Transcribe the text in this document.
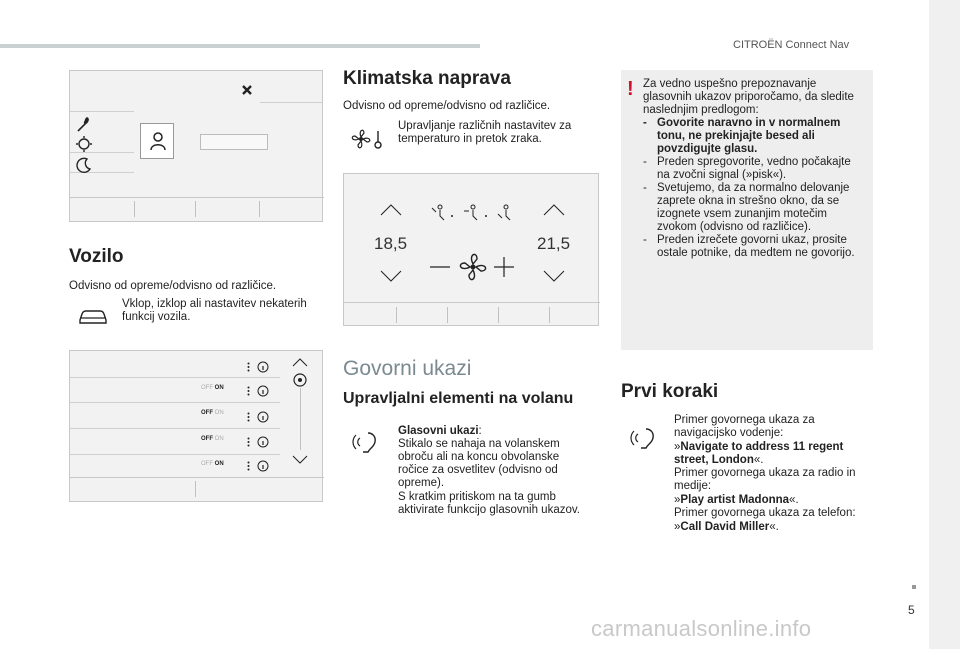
CITROËN Connect Nav
5
Vozilo
Odvisno od opreme/odvisno od različice.
Vklop, izklop ali nastavitev nekaterih
funkcij vozila.
OFF ON
OFF ON
OFF ON
OFF ON
Klimatska naprava
Odvisno od opreme/odvisno od različice.
Upravljanje različnih nastavitev za
temperaturo in pretok zraka.
18,5	21,5
Govorni ukazi
Upravljalni elementi na volanu
Glasovni ukazi:
Stikalo se nahaja na volanskem
obroču ali na koncu obvolanske
ročice za osvetlitev (odvisno od
opreme).
S kratkim pritiskom na ta gumb
aktivirate funkcijo glasovnih ukazov.
! Za vedno uspešno prepoznavanje
glasovnih ukazov priporočamo, da sledite
naslednjim predlogom:
- Govorite naravno in v normalnem
tonu, ne prekinjajte besed ali
povzdigujte glasu.
- Preden spregovorite, vedno počakajte
na zvočni signal (»pisk«).
- Svetujemo, da za normalno delovanje
zaprete okna in strešno okno, da se
izognete vsem zunanjim motečim
zvokom (odvisno od različice).
- Preden izrečete govorni ukaz, prosite
ostale potnike, da medtem ne govorijo.
Prvi koraki
Primer govornega ukaza za
navigacijsko vodenje:
»Navigate to address 11 regent
street, London«.
Primer govornega ukaza za radio in
medije:
»Play artist Madonna«.
Primer govornega ukaza za telefon:
»Call David Miller«.
carmanualsonline.info
